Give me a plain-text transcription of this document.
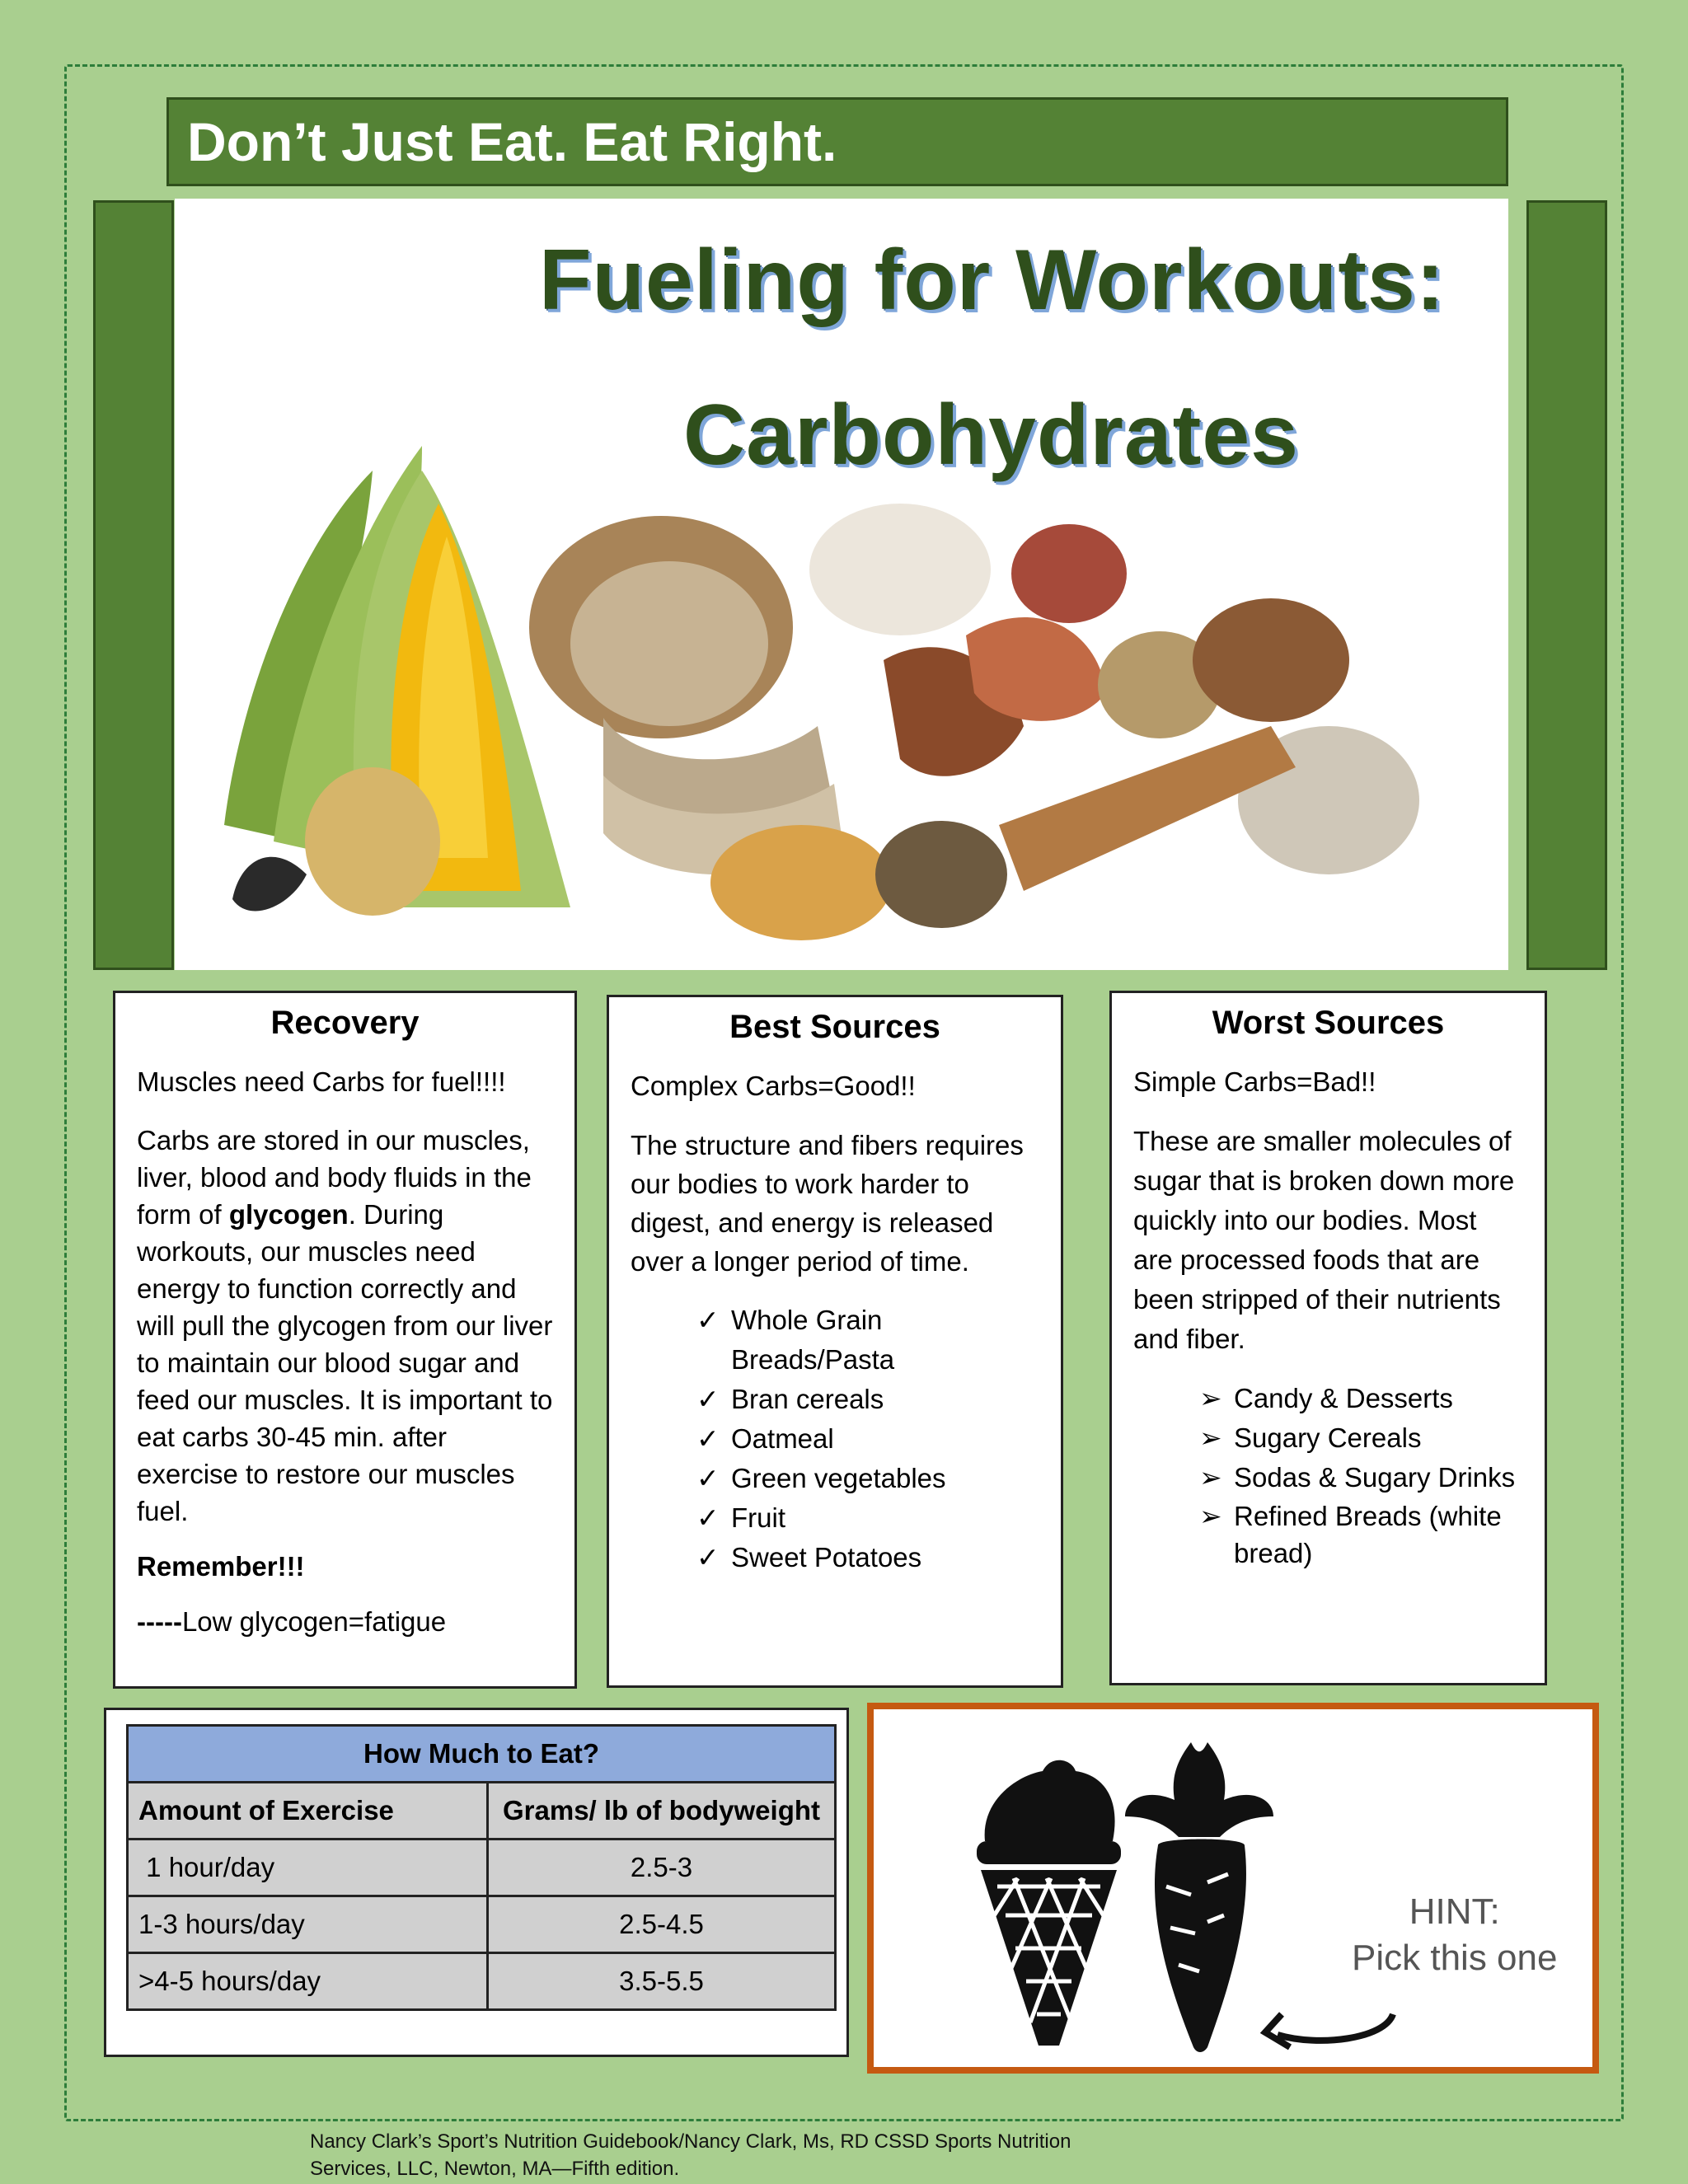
Don’t Just Eat. Eat Right.
Fueling for Workouts:
Carbohydrates
Recovery

Muscles need Carbs for fuel!!!!

Carbs are stored in our muscles, liver, blood and body fluids in the form of glycogen. During workouts, our muscles need energy to function correctly and will pull the glycogen from our liver to maintain our blood sugar and feed our muscles. It is important to eat carbs 30-45 min. after exercise to restore our muscles fuel.

Remember!!!

-----Low glycogen=fatigue

Best Sources

Complex Carbs=Good!!

The structure and fibers requires our bodies to work harder to digest, and energy is released over a longer period of time.

✓ Whole Grain Breads/Pasta
✓ Bran cereals
✓ Oatmeal
✓ Green vegetables
✓ Fruit
✓ Sweet Potatoes
Worst Sources

Simple Carbs=Bad!!

These are smaller molecules of sugar that is broken down more quickly into our bodies. Most are processed foods that are been stripped of their nutrients and fiber.

➢ Candy & Desserts
➢ Sugary Cereals
➢ Sodas & Sugary Drinks
➢ Refined Breads (white bread)
How Much to Eat?	
Amount of Exercise	Grams/ lb of bodyweight
1 hour/day	2.5-3
1-3 hours/day	2.5-4.5
>4-5 hours/day	3.5-5.5
HINT:
Pick this one
Nancy Clark’s Sport’s Nutrition Guidebook/Nancy Clark, Ms, RD CSSD Sports Nutrition
Services, LLC, Newton, MA—Fifth edition.
